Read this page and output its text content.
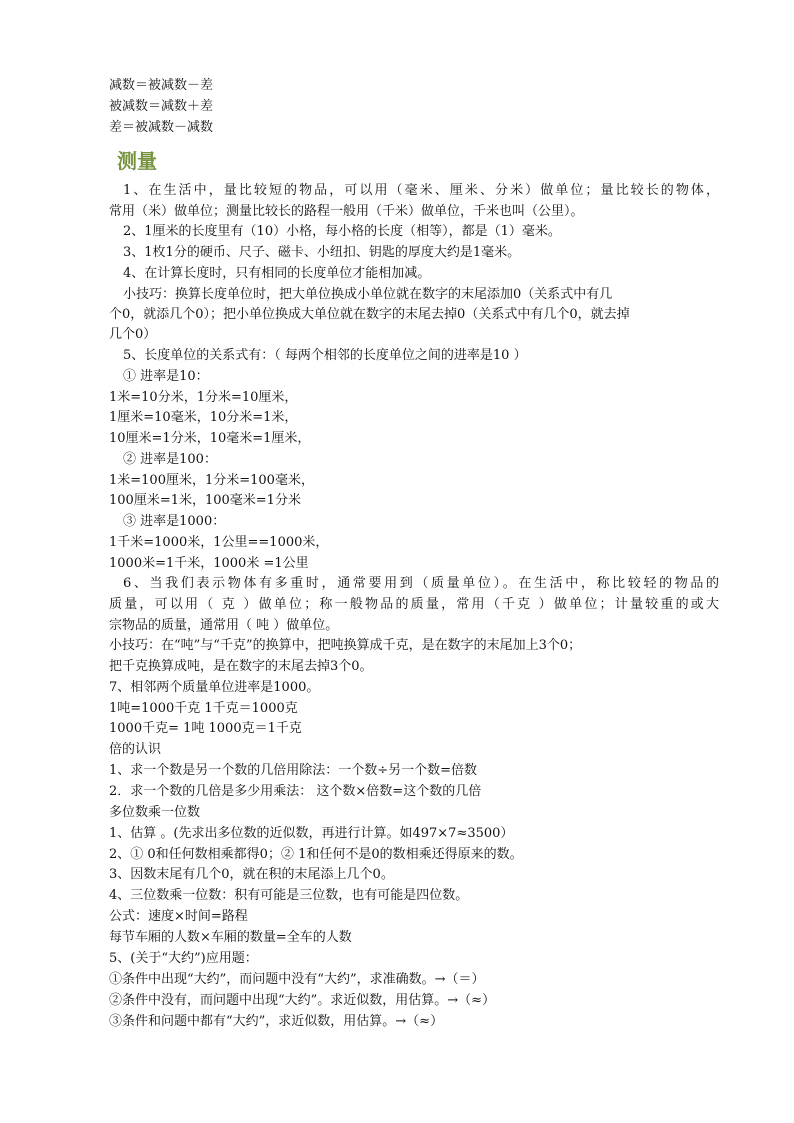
减数＝被减数－差
被减数＝减数＋差
差＝被减数－减数
测量
1、在生活中，量比较短的物品，可以用（毫米、厘米、分米）做单位；量比较长的物体，
常用（米）做单位；测量比较长的路程一般用（千米）做单位，千米也叫（公里）。
2、1厘米的长度里有（10）小格，每小格的长度（相等），都是（1）毫米。
3、1枚1分的硬币、尺子、磁卡、小纽扣、钥匙的厚度大约是1毫米。
4、在计算长度时，只有相同的长度单位才能相加减。
小技巧：换算长度单位时，把大单位换成小单位就在数字的末尾添加0（关系式中有几
个0，就添几个0）；把小单位换成大单位就在数字的末尾去掉0（关系式中有几个0，就去掉
几个0）
5、长度单位的关系式有：（ 每两个相邻的长度单位之间的进率是10 ）
① 进率是10：
1米=10分米，1分米=10厘米，
1厘米=10毫米，10分米=1米，
10厘米=1分米，10毫米=1厘米，
② 进率是100：
1米=100厘米，1分米=100毫米，
100厘米=1米，100毫米=1分米
③ 进率是1000：
1千米=1000米，1公里==1000米，
1000米=1千米，1000米 =1公里
6、当我们表示物体有多重时，通常要用到（质量单位）。在生活中，称比较轻的物品的
质量，可以用（ 克 ）做单位；称一般物品的质量，常用（千克 ）做单位；计量较重的或大
宗物品的质量，通常用（ 吨 ）做单位。
小技巧：在“吨”与“千克”的换算中，把吨换算成千克，是在数字的末尾加上3个0；
把千克换算成吨，是在数字的末尾去掉3个0。
7、相邻两个质量单位进率是1000。
1吨=1000千克 1千克＝1000克
1000千克= 1吨 1000克＝1千克
倍的认识
1、求一个数是另一个数的几倍用除法：一个数÷另一个数=倍数
2．求一个数的几倍是多少用乘法： 这个数×倍数=这个数的几倍
多位数乘一位数
1、估算 。(先求出多位数的近似数，再进行计算。如497×7≈3500）
2、① 0和任何数相乘都得0；② 1和任何不是0的数相乘还得原来的数。
3、因数末尾有几个0，就在积的末尾添上几个0。
4、三位数乘一位数：积有可能是三位数，也有可能是四位数。
公式：速度×时间=路程
每节车厢的人数×车厢的数量=全车的人数
5、(关于“大约”)应用题：
①条件中出现“大约”，而问题中没有“大约”，求准确数。→（＝）
②条件中没有，而问题中出现“大约”。求近似数，用估算。→（≈）
③条件和问题中都有“大约”，求近似数，用估算。→（≈）
